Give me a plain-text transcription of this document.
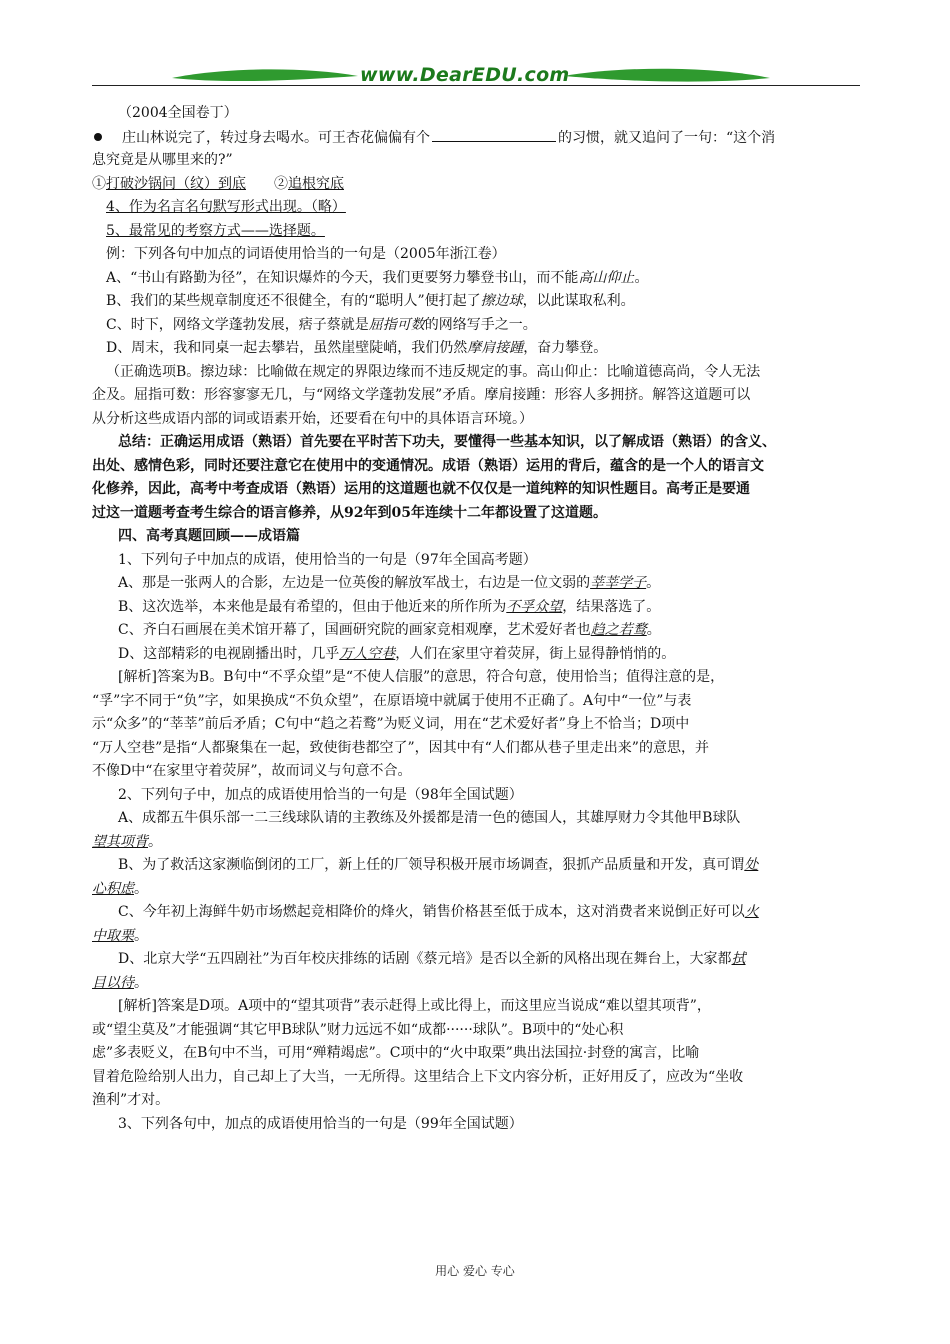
www.DearEDU.com

（2004全国卷丁）

庄山林说完了，转过身去喝水。可王杏花偏偏有个	的习惯，就又追问了一句：“这个消

息究竟是从哪里来的?”

①打破沙锅问（纹）到底 ②追根究底

4、作为名言名句默写形式出现。（略）

5、最常见的考察方式——选择题。

例：下列各句中加点的词语使用恰当的一句是（2005年浙江卷）

A、“书山有路勤为径”，在知识爆炸的今天，我们更要努力攀登书山，而不能高山仰止。

B、我们的某些规章制度还不很健全，有的“聪明人”便打起了擦边球，以此谋取私利。

C、时下，网络文学蓬勃发展，痞子蔡就是屈指可数的网络写手之一。

D、周末，我和同桌一起去攀岩，虽然崖壁陡峭，我们仍然摩肩接踵，奋力攀登。

（正确选项B。擦边球：比喻做在规定的界限边缘而不违反规定的事。高山仰止：比喻道德高尚，令人无法

企及。屈指可数：形容寥寥无几，与“网络文学蓬勃发展”矛盾。摩肩接踵：形容人多拥挤。解答这道题可以

从分析这些成语内部的词或语素开始，还要看在句中的具体语言环境。）

总结：正确运用成语（熟语）首先要在平时苦下功夫，要懂得一些基本知识，以了解成语（熟语）的含义、

出处、感情色彩，同时还要注意它在使用中的变通情况。成语（熟语）运用的背后，蕴含的是一个人的语言文

化修养，因此，高考中考查成语（熟语）运用的这道题也就不仅仅是一道纯粹的知识性题目。高考正是要通

过这一道题考查考生综合的语言修养，从92年到05年连续十二年都设置了这道题。

四、高考真题回顾——成语篇

1、下列句子中加点的成语，使用恰当的一句是（97年全国高考题）

A、那是一张两人的合影，左边是一位英俊的解放军战士，右边是一位文弱的莘莘学子。

B、这次选举，本来他是最有希望的，但由于他近来的所作所为不孚众望，结果落选了。

C、齐白石画展在美术馆开幕了，国画研究院的画家竞相观摩，艺术爱好者也趋之若鹜。

D、这部精彩的电视剧播出时，几乎万人空巷，人们在家里守着荧屏，街上显得静悄悄的。

[解析]答案为B。B句中“不孚众望”是“不使人信服”的意思，符合句意，使用恰当；值得注意的是，

“孚”字不同于“负”字，如果换成“不负众望”，在原语境中就属于使用不正确了。A句中“一位”与表

示“众多”的“莘莘”前后矛盾；C句中“趋之若鹜”为贬义词，用在“艺术爱好者”身上不恰当；D项中

“万人空巷”是指“人都聚集在一起，致使街巷都空了”，因其中有“人们都从巷子里走出来”的意思，并

不像D中“在家里守着荧屏”，故而词义与句意不合。

2、下列句子中，加点的成语使用恰当的一句是（98年全国试题）

A、成都五牛俱乐部一二三线球队请的主教练及外援都是清一色的德国人，其雄厚财力令其他甲B球队

望其项背。

B、为了救活这家濒临倒闭的工厂，新上任的厂领导积极开展市场调查，狠抓产品质量和开发，真可谓处

心积虑。

C、今年初上海鲜牛奶市场燃起竞相降价的烽火，销售价格甚至低于成本，这对消费者来说倒正好可以火

中取栗。

D、北京大学“五四剧社”为百年校庆排练的话剧《蔡元培》是否以全新的风格出现在舞台上，大家都拭

目以待。

[解析]答案是D项。A项中的“望其项背”表示赶得上或比得上，而这里应当说成“难以望其项背”，

或“望尘莫及”才能强调“其它甲B球队”财力远远不如“成都······球队”。B项中的“处心积

虑”多表贬义，在B句中不当，可用“殚精竭虑”。C项中的“火中取栗”典出法国拉·封登的寓言，比喻

冒着危险给别人出力，自己却上了大当，一无所得。这里结合上下文内容分析，正好用反了，应改为“坐收

渔利”才对。

3、下列各句中，加点的成语使用恰当的一句是（99年全国试题）

用心 爱心 专心
